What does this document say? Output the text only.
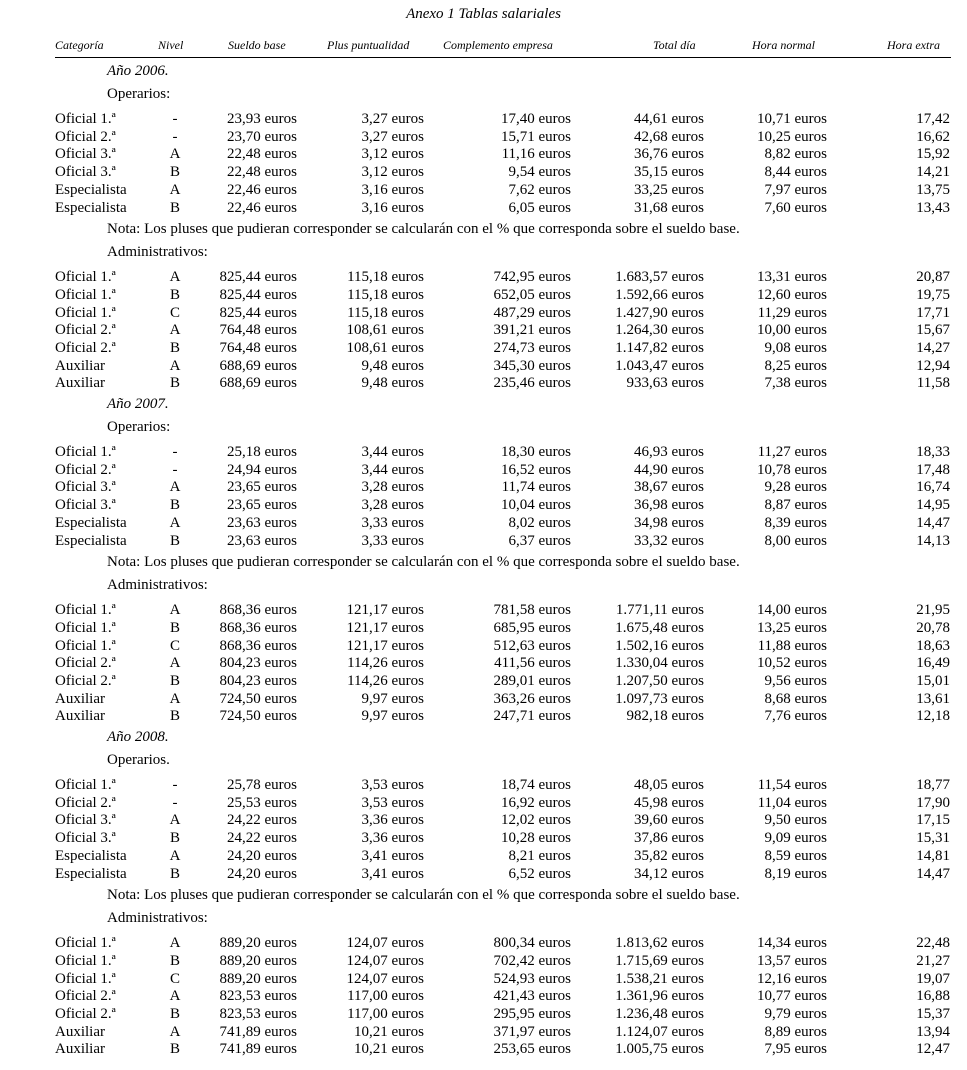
Anexo 1 Tablas salariales
Categoría	Nivel	Sueldo base	Plus puntualidad	Complemento empresa	Total día	Hora normal	Hora extra
Año 2006.
Operarios:
Oficial 1.ª	-	23,93 euros	3,27 euros	17,40 euros	44,61 euros	10,71 euros	17,42
Oficial 2.ª	-	23,70 euros	3,27 euros	15,71 euros	42,68 euros	10,25 euros	16,62
Oficial 3.ª	A	22,48 euros	3,12 euros	11,16 euros	36,76 euros	8,82 euros	15,92
Oficial 3.ª	B	22,48 euros	3,12 euros	9,54 euros	35,15 euros	8,44 euros	14,21
Especialista	A	22,46 euros	3,16 euros	7,62 euros	33,25 euros	7,97 euros	13,75
Especialista	B	22,46 euros	3,16 euros	6,05 euros	31,68 euros	7,60 euros	13,43
Nota: Los pluses que pudieran corresponder se calcularán con el % que corresponda sobre el sueldo base.
Administrativos:
Oficial 1.ª	A	825,44 euros	115,18 euros	742,95 euros	1.683,57 euros	13,31 euros	20,87
Oficial 1.ª	B	825,44 euros	115,18 euros	652,05 euros	1.592,66 euros	12,60 euros	19,75
Oficial 1.ª	C	825,44 euros	115,18 euros	487,29 euros	1.427,90 euros	11,29 euros	17,71
Oficial 2.ª	A	764,48 euros	108,61 euros	391,21 euros	1.264,30 euros	10,00 euros	15,67
Oficial 2.ª	B	764,48 euros	108,61 euros	274,73 euros	1.147,82 euros	9,08 euros	14,27
Auxiliar	A	688,69 euros	9,48 euros	345,30 euros	1.043,47 euros	8,25 euros	12,94
Auxiliar	B	688,69 euros	9,48 euros	235,46 euros	933,63 euros	7,38 euros	11,58
Año 2007.
Operarios:
Oficial 1.ª	-	25,18 euros	3,44 euros	18,30 euros	46,93 euros	11,27 euros	18,33
Oficial 2.ª	-	24,94 euros	3,44 euros	16,52 euros	44,90 euros	10,78 euros	17,48
Oficial 3.ª	A	23,65 euros	3,28 euros	11,74 euros	38,67 euros	9,28 euros	16,74
Oficial 3.ª	B	23,65 euros	3,28 euros	10,04 euros	36,98 euros	8,87 euros	14,95
Especialista	A	23,63 euros	3,33 euros	8,02 euros	34,98 euros	8,39 euros	14,47
Especialista	B	23,63 euros	3,33 euros	6,37 euros	33,32 euros	8,00 euros	14,13
Nota: Los pluses que pudieran corresponder se calcularán con el % que corresponda sobre el sueldo base.
Administrativos:
Oficial 1.ª	A	868,36 euros	121,17 euros	781,58 euros	1.771,11 euros	14,00 euros	21,95
Oficial 1.ª	B	868,36 euros	121,17 euros	685,95 euros	1.675,48 euros	13,25 euros	20,78
Oficial 1.ª	C	868,36 euros	121,17 euros	512,63 euros	1.502,16 euros	11,88 euros	18,63
Oficial 2.ª	A	804,23 euros	114,26 euros	411,56 euros	1.330,04 euros	10,52 euros	16,49
Oficial 2.ª	B	804,23 euros	114,26 euros	289,01 euros	1.207,50 euros	9,56 euros	15,01
Auxiliar	A	724,50 euros	9,97 euros	363,26 euros	1.097,73 euros	8,68 euros	13,61
Auxiliar	B	724,50 euros	9,97 euros	247,71 euros	982,18 euros	7,76 euros	12,18
Año 2008.
Operarios.
Oficial 1.ª	-	25,78 euros	3,53 euros	18,74 euros	48,05 euros	11,54 euros	18,77
Oficial 2.ª	-	25,53 euros	3,53 euros	16,92 euros	45,98 euros	11,04 euros	17,90
Oficial 3.ª	A	24,22 euros	3,36 euros	12,02 euros	39,60 euros	9,50 euros	17,15
Oficial 3.ª	B	24,22 euros	3,36 euros	10,28 euros	37,86 euros	9,09 euros	15,31
Especialista	A	24,20 euros	3,41 euros	8,21 euros	35,82 euros	8,59 euros	14,81
Especialista	B	24,20 euros	3,41 euros	6,52 euros	34,12 euros	8,19 euros	14,47
Nota: Los pluses que pudieran corresponder se calcularán con el % que corresponda sobre el sueldo base.
Administrativos:
Oficial 1.ª	A	889,20 euros	124,07 euros	800,34 euros	1.813,62 euros	14,34 euros	22,48
Oficial 1.ª	B	889,20 euros	124,07 euros	702,42 euros	1.715,69 euros	13,57 euros	21,27
Oficial 1.ª	C	889,20 euros	124,07 euros	524,93 euros	1.538,21 euros	12,16 euros	19,07
Oficial 2.ª	A	823,53 euros	117,00 euros	421,43 euros	1.361,96 euros	10,77 euros	16,88
Oficial 2.ª	B	823,53 euros	117,00 euros	295,95 euros	1.236,48 euros	9,79 euros	15,37
Auxiliar	A	741,89 euros	10,21 euros	371,97 euros	1.124,07 euros	8,89 euros	13,94
Auxiliar	B	741,89 euros	10,21 euros	253,65 euros	1.005,75 euros	7,95 euros	12,47
